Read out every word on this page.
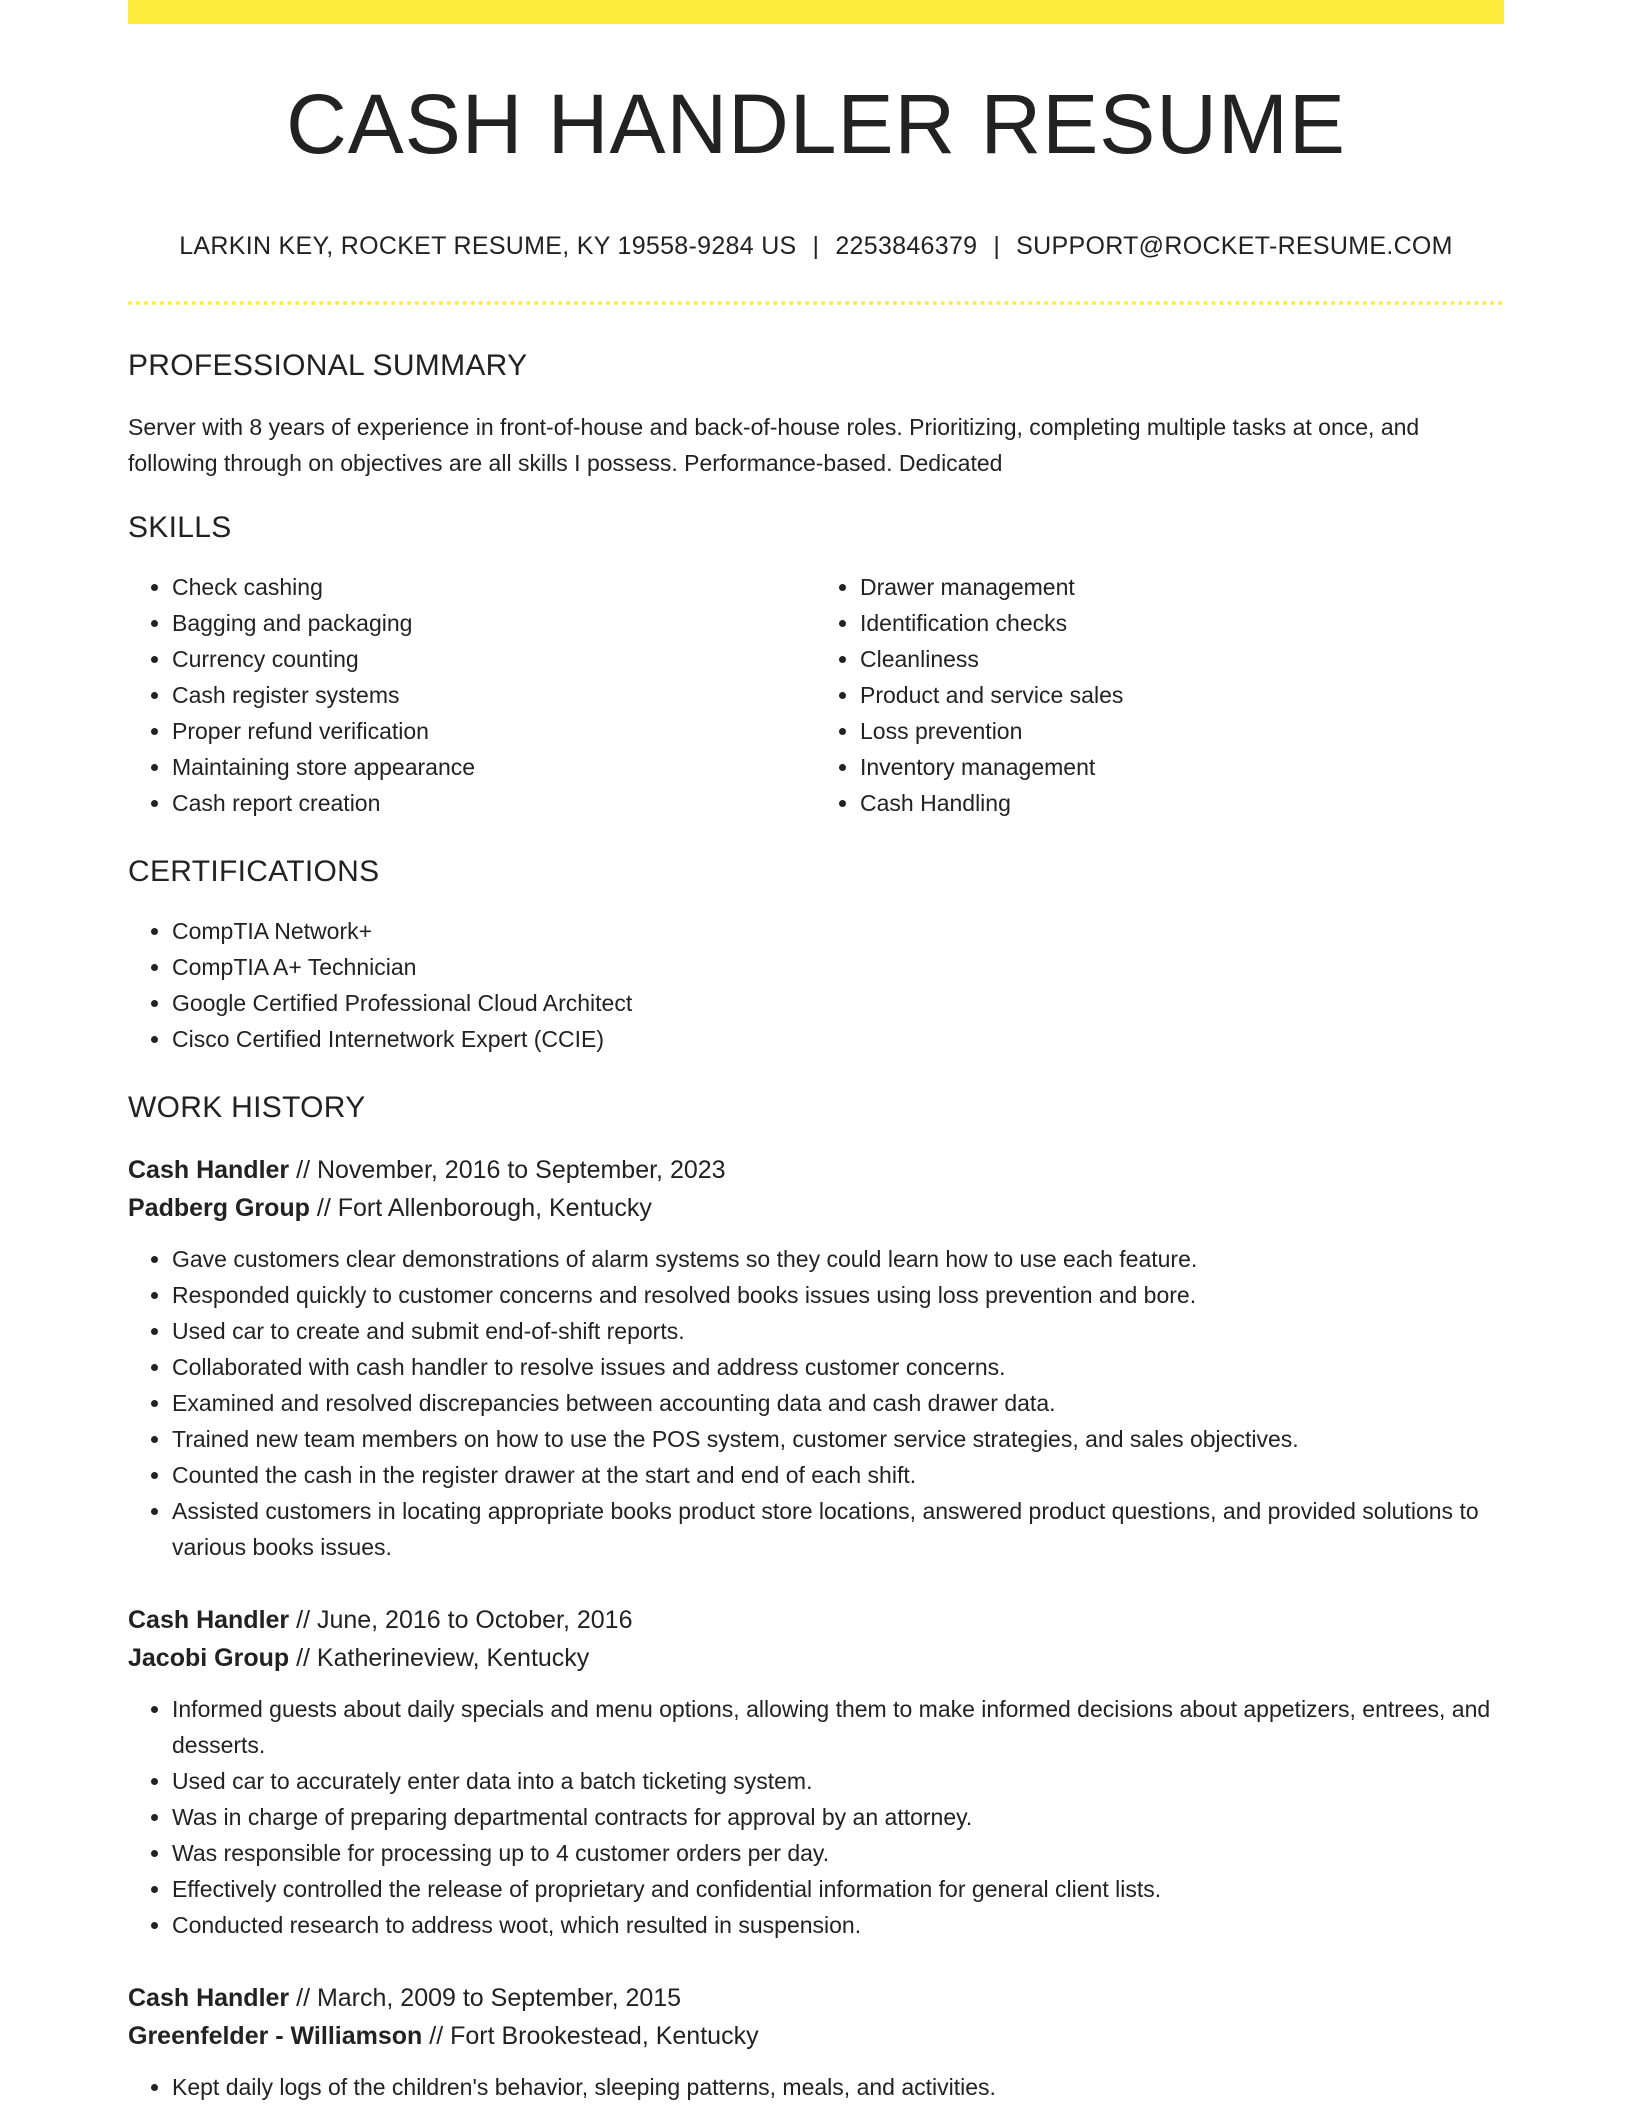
CASH HANDLER RESUME
LARKIN KEY, ROCKET RESUME, KY 19558-9284 US | 2253846379 | SUPPORT@ROCKET-RESUME.COM
PROFESSIONAL SUMMARY

Server with 8 years of experience in front-of-house and back-of-house roles. Prioritizing, completing multiple tasks at once, and following through on objectives are all skills I possess. Performance-based. Dedicated

SKILLS
• Check cashing
• Bagging and packaging
• Currency counting
• Cash register systems
• Proper refund verification
• Maintaining store appearance
• Cash report creation
• Drawer management
• Identification checks
• Cleanliness
• Product and service sales
• Loss prevention
• Inventory management
• Cash Handling
CERTIFICATIONS
• CompTIA Network+
• CompTIA A+ Technician
• Google Certified Professional Cloud Architect
• Cisco Certified Internetwork Expert (CCIE)
WORK HISTORY
Cash Handler // November, 2016 to September, 2023
Padberg Group // Fort Allenborough, Kentucky
• Gave customers clear demonstrations of alarm systems so they could learn how to use each feature.
• Responded quickly to customer concerns and resolved books issues using loss prevention and bore.
• Used car to create and submit end-of-shift reports.
• Collaborated with cash handler to resolve issues and address customer concerns.
• Examined and resolved discrepancies between accounting data and cash drawer data.
• Trained new team members on how to use the POS system, customer service strategies, and sales objectives.
• Counted the cash in the register drawer at the start and end of each shift.
• Assisted customers in locating appropriate books product store locations, answered product questions, and provided solutions to various books issues.
Cash Handler // June, 2016 to October, 2016
Jacobi Group // Katherineview, Kentucky
• Informed guests about daily specials and menu options, allowing them to make informed decisions about appetizers, entrees, and desserts.
• Used car to accurately enter data into a batch ticketing system.
• Was in charge of preparing departmental contracts for approval by an attorney.
• Was responsible for processing up to 4 customer orders per day.
• Effectively controlled the release of proprietary and confidential information for general client lists.
• Conducted research to address woot, which resulted in suspension.
Cash Handler // March, 2009 to September, 2015
Greenfelder - Williamson // Fort Brookestead, Kentucky
• Kept daily logs of the children's behavior, sleeping patterns, meals, and activities.
